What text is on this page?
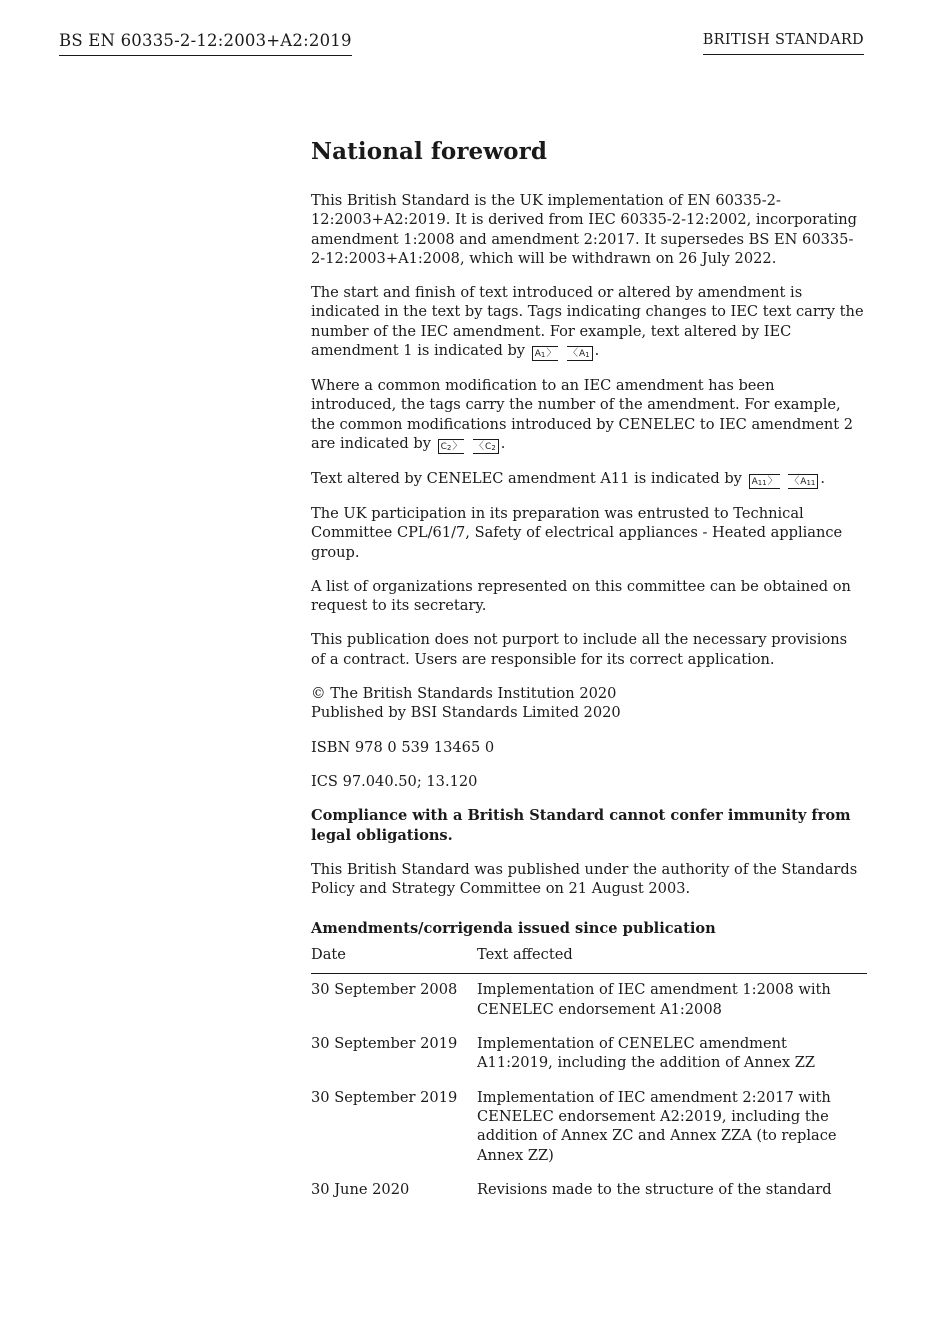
BS EN 60335-2-12:2003+A2:2019	BRITISH STANDARD
National foreword

This British Standard is the UK implementation of EN 60335-2-12:2003+A2:2019. It is derived from IEC 60335-2-12:2002, incorporating amendment 1:2008 and amendment 2:2017. It supersedes BS EN 60335-2-12:2003+A1:2008, which will be withdrawn on 26 July 2022.

The start and finish of text introduced or altered by amendment is indicated in the text by tags. Tags indicating changes to IEC text carry the number of the IEC amendment. For example, text altered by IEC amendment 1 is indicated by A1 〉	〈 A1 .

Where a common modification to an IEC amendment has been introduced, the tags carry the number of the amendment. For example, the common modifications introduced by CENELEC to IEC amendment 2 are indicated by C2 〉	〈 C2 .

Text altered by CENELEC amendment A11 is indicated by A11 〉	〈 A11 .

The UK participation in its preparation was entrusted to Technical Committee CPL/61/7, Safety of electrical appliances - Heated appliance group.

A list of organizations represented on this committee can be obtained on request to its secretary.

This publication does not purport to include all the necessary provisions of a contract. Users are responsible for its correct application.

© The British Standards Institution 2020
Published by BSI Standards Limited 2020

ISBN 978 0 539 13465 0

ICS 97.040.50; 13.120

Compliance with a British Standard cannot confer immunity from legal obligations.

This British Standard was published under the authority of the Standards Policy and Strategy Committee on 21 August 2003.

Amendments/corrigenda issued since publication
Date	Text affected
30 September 2008	Implementation of IEC amendment 1:2008 with CENELEC endorsement A1:2008
30 September 2019	Implementation of CENELEC amendment A11:2019, including the addition of Annex ZZ
30 September 2019	Implementation of IEC amendment 2:2017 with CENELEC endorsement A2:2019, including the addition of Annex ZC and Annex ZZA (to replace Annex ZZ)
30 June 2020	Revisions made to the structure of the standard
